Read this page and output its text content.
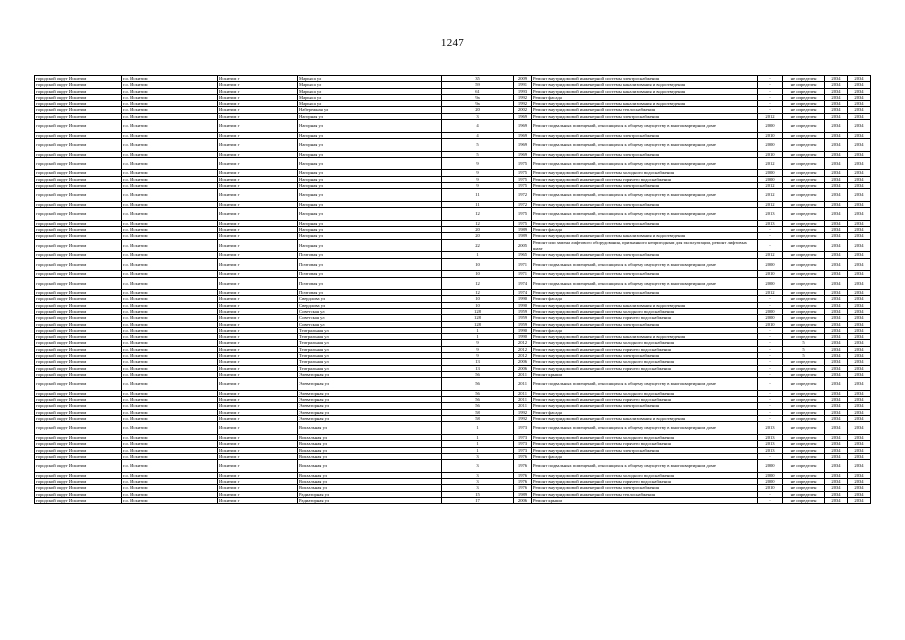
1247
городской округ Искитим	г.о. Искитим	Искитим г	Марьяса ул	35	2009	Ремонт внутридомовой инженерной системы электроснабжения	-	не определен	2034	2034
городской округ Искитим	г.о. Искитим	Искитим г	Марьяса ул	59	1991	Ремонт внутридомовой инженерной системы канализования и водоотведения	-	не определен	2034	2034
городской округ Искитим	г.о. Искитим	Искитим г	Марьяса ул	61	1993	Ремонт внутридомовой инженерной системы канализования и водоотведения	-	не определен	2034	2034
городской округ Искитим	г.о. Искитим	Искитим г	Марьяса ул	9а	1992	Ремонт фасада	-	не определен	2034	2034
городской округ Искитим	г.о. Искитим	Искитим г	Марьяса ул	9а	1992	Ремонт внутридомовой инженерной системы канализования и водоотведения	-	не определен	2034	2034
городской округ Искитим	г.о. Искитим	Искитим г	Набережная ул	20	2002	Ремонт внутридомовой инженерной системы теплоснабжения	-	не определен	2034	2034
городской округ Искитим	г.о. Искитим	Искитим г	Нагорная ул	3	1969	Ремонт внутридомовой инженерной системы электроснабжения	2012	не определен	2034	2034
городской округ Искитим	г.о. Искитим	Искитим г	Нагорная ул	4	1969	Ремонт подвальных помещений, относящихся к общему имуществу в многоквартирном доме	2000	не определен	2034	2034
городской округ Искитим	г.о. Искитим	Искитим г	Нагорная ул	4	1969	Ремонт внутридомовой инженерной системы электроснабжения	2010	не определен	2034	2034
городской округ Искитим	г.о. Искитим	Искитим г	Нагорная ул	5	1969	Ремонт подвальных помещений, относящихся к общему имуществу в многоквартирном доме	2000	не определен	2034	2034
городской округ Искитим	г.о. Искитим	Искитим г	Нагорная ул	5	1969	Ремонт внутридомовой инженерной системы электроснабжения	2010	не определен	2034	2034
городской округ Искитим	г.о. Искитим	Искитим г	Нагорная ул	9	1975	Ремонт подвальных помещений, относящихся к общему имуществу в многоквартирном доме	2012	не определен	2034	2034
городской округ Искитим	г.о. Искитим	Искитим г	Нагорная ул	9	1975	Ремонт внутридомовой инженерной системы холодного водоснабжения	2000	не определен	2034	2034
городской округ Искитим	г.о. Искитим	Искитим г	Нагорная ул	9	1975	Ремонт внутридомовой инженерной системы горячего водоснабжения	2000	не определен	2034	2034
городской округ Искитим	г.о. Искитим	Искитим г	Нагорная ул	9	1975	Ремонт внутридомовой инженерной системы электроснабжения	2012	не определен	2034	2034
городской округ Искитим	г.о. Искитим	Искитим г	Нагорная ул	11	1972	Ремонт подвальных помещений, относящихся к общему имуществу в многоквартирном доме	2012	не определен	2034	2034
городской округ Искитим	г.о. Искитим	Искитим г	Нагорная ул	11	1972	Ремонт внутридомовой инженерной системы электроснабжения	2012	не определен	2034	2034
городской округ Искитим	г.о. Искитим	Искитим г	Нагорная ул	12	1975	Ремонт подвальных помещений, относящихся к общему имуществу в многоквартирном доме	2013	не определен	2034	2034
городской округ Искитим	г.о. Искитим	Искитим г	Нагорная ул	12	1975	Ремонт внутридомовой инженерной системы электроснабжения	2013	не определен	2034	2034
городской округ Искитим	г.о. Искитим	Искитим г	Нагорная ул	20	1989	Ремонт фасада	-	не определен	2034	2034
городской округ Искитим	г.о. Искитим	Искитим г	Нагорная ул	20	1989	Ремонт внутридомовой инженерной системы канализования и водоотведения	-	не определен	2034	2034
городской округ Искитим	г.о. Искитим	Искитим г	Нагорная ул	22	2005	Ремонт или замена лифтового оборудования, признанного непригодным для эксплуатации, ремонт лифтовых шахт	-	не определен	2034	2034
городской округ Искитим	г.о. Искитим	Искитим г	Почтовая ул	1	1965	Ремонт внутридомовой инженерной системы электроснабжения	2012	не определен	2034	2034
городской округ Искитим	г.о. Искитим	Искитим г	Почтовая ул	10	1971	Ремонт подвальных помещений, относящихся к общему имуществу в многоквартирном доме	2000	не определен	2034	2034
городской округ Искитим	г.о. Искитим	Искитим г	Почтовая ул	10	1971	Ремонт внутридомовой инженерной системы электроснабжения	2010	не определен	2034	2034
городской округ Искитим	г.о. Искитим	Искитим г	Почтовая ул	12	1974	Ремонт подвальных помещений, относящихся к общему имуществу в многоквартирном доме	2000	не определен	2034	2034
городской округ Искитим	г.о. Искитим	Искитим г	Почтовая ул	12	1974	Ремонт внутридомовой инженерной системы электроснабжения	2012	не определен	2034	2034
городской округ Искитим	г.о. Искитим	Искитим г	Свердлова ул	10	1990	Ремонт фасада	-	не определен	2034	2034
городской округ Искитим	г.о. Искитим	Искитим г	Свердлова ул	10	1990	Ремонт внутридомовой инженерной системы канализования и водоотведения	-	не определен	2034	2034
городской округ Искитим	г.о. Искитим	Искитим г	Советская ул	128	1959	Ремонт внутридомовой инженерной системы холодного водоснабжения	2000	не определен	2034	2034
городской округ Искитим	г.о. Искитим	Искитим г	Советская ул	128	1959	Ремонт внутридомовой инженерной системы горячего водоснабжения	2000	не определен	2034	2034
городской округ Искитим	г.о. Искитим	Искитим г	Советская ул	128	1959	Ремонт внутридомовой инженерной системы электроснабжения	2010	не определен	2034	2034
городской округ Искитим	г.о. Искитим	Искитим г	Театральная ул	1	1990	Ремонт фасада	-	не определен	2034	2034
городской округ Искитим	г.о. Искитим	Искитим г	Театральная ул	1	1990	Ремонт внутридомовой инженерной системы канализования и водоотведения	-	не определен	2034	2034
городской округ Искитим	г.о. Искитим	Искитим г	Театральная ул	9	2012	Ремонт внутридомовой инженерной системы холодного водоснабжения	-	5	2034	2034
городской округ Искитим	г.о. Искитим	Искитим г	Театральная ул	9	2012	Ремонт внутридомовой инженерной системы горячего водоснабжения	-	5	2034	2034
городской округ Искитим	г.о. Искитим	Искитим г	Театральная ул	9	2012	Ремонт внутридомовой инженерной системы электроснабжения	-	5	2034	2034
городской округ Искитим	г.о. Искитим	Искитим г	Театральная ул	13	2006	Ремонт внутридомовой инженерной системы холодного водоснабжения	-	не определен	2034	2034
городской округ Искитим	г.о. Искитим	Искитим г	Театральная ул	13	2006	Ремонт внутридомовой инженерной системы горячего водоснабжения	-	не определен	2034	2034
городской округ Искитим	г.о. Искитим	Искитим г	Элеваторная ул	56	2011	Ремонт крыши	-	не определен	2034	2034
городской округ Искитим	г.о. Искитим	Искитим г	Элеваторная ул	56	2011	Ремонт подвальных помещений, относящихся к общему имуществу в многоквартирном доме	-	не определен	2034	2034
городской округ Искитим	г.о. Искитим	Искитим г	Элеваторная ул	56	2011	Ремонт внутридомовой инженерной системы холодного водоснабжения	-	не определен	2034	2034
городской округ Искитим	г.о. Искитим	Искитим г	Элеваторная ул	56	2011	Ремонт внутридомовой инженерной системы горячего водоснабжения	-	не определен	2034	2034
городской округ Искитим	г.о. Искитим	Искитим г	Элеваторная ул	56	2011	Ремонт внутридомовой инженерной системы электроснабжения	-	не определен	2034	2034
городской округ Искитим	г.о. Искитим	Искитим г	Элеваторная ул	58	1992	Ремонт фасада	-	не определен	2034	2034
городской округ Искитим	г.о. Искитим	Искитим г	Элеваторная ул	58	1992	Ремонт внутридомовой инженерной системы канализования и водоотведения	-	не определен	2034	2034
городской округ Искитим	г.о. Искитим	Искитим г	Вокзальная ул	1	1973	Ремонт подвальных помещений, относящихся к общему имуществу в многоквартирном доме	2013	не определен	2034	2034
городской округ Искитим	г.о. Искитим	Искитим г	Вокзальная ул	1	1973	Ремонт внутридомовой инженерной системы холодного водоснабжения	2013	не определен	2034	2034
городской округ Искитим	г.о. Искитим	Искитим г	Вокзальная ул	1	1973	Ремонт внутридомовой инженерной системы горячего водоснабжения	2013	не определен	2034	2034
городской округ Искитим	г.о. Искитим	Искитим г	Вокзальная ул	1	1973	Ремонт внутридомовой инженерной системы электроснабжения	2013	не определен	2034	2034
городской округ Искитим	г.о. Искитим	Искитим г	Вокзальная ул	3	1976	Ремонт фасада	-	не определен	2034	2034
городской округ Искитим	г.о. Искитим	Искитим г	Вокзальная ул	3	1976	Ремонт подвальных помещений, относящихся к общему имуществу в многоквартирном доме	2000	не определен	2034	2034
городской округ Искитим	г.о. Искитим	Искитим г	Вокзальная ул	3	1976	Ремонт внутридомовой инженерной системы холодного водоснабжения	2000	не определен	2034	2034
городской округ Искитим	г.о. Искитим	Искитим г	Вокзальная ул	3	1976	Ремонт внутридомовой инженерной системы горячего водоснабжения	2000	не определен	2034	2034
городской округ Искитим	г.о. Искитим	Искитим г	Вокзальная ул	3	1976	Ремонт внутридомовой инженерной системы электроснабжения	2010	не определен	2034	2034
городской округ Искитим	г.о. Искитим	Искитим г	Радиаторная ул	15	1989	Ремонт внутридомовой инженерной системы теплоснабжения	-	не определен	2034	2034
городской округ Искитим	г.о. Искитим	Искитим г	Радиаторная ул	17	2006	Ремонт крыши	-	не определен	2034	2034
